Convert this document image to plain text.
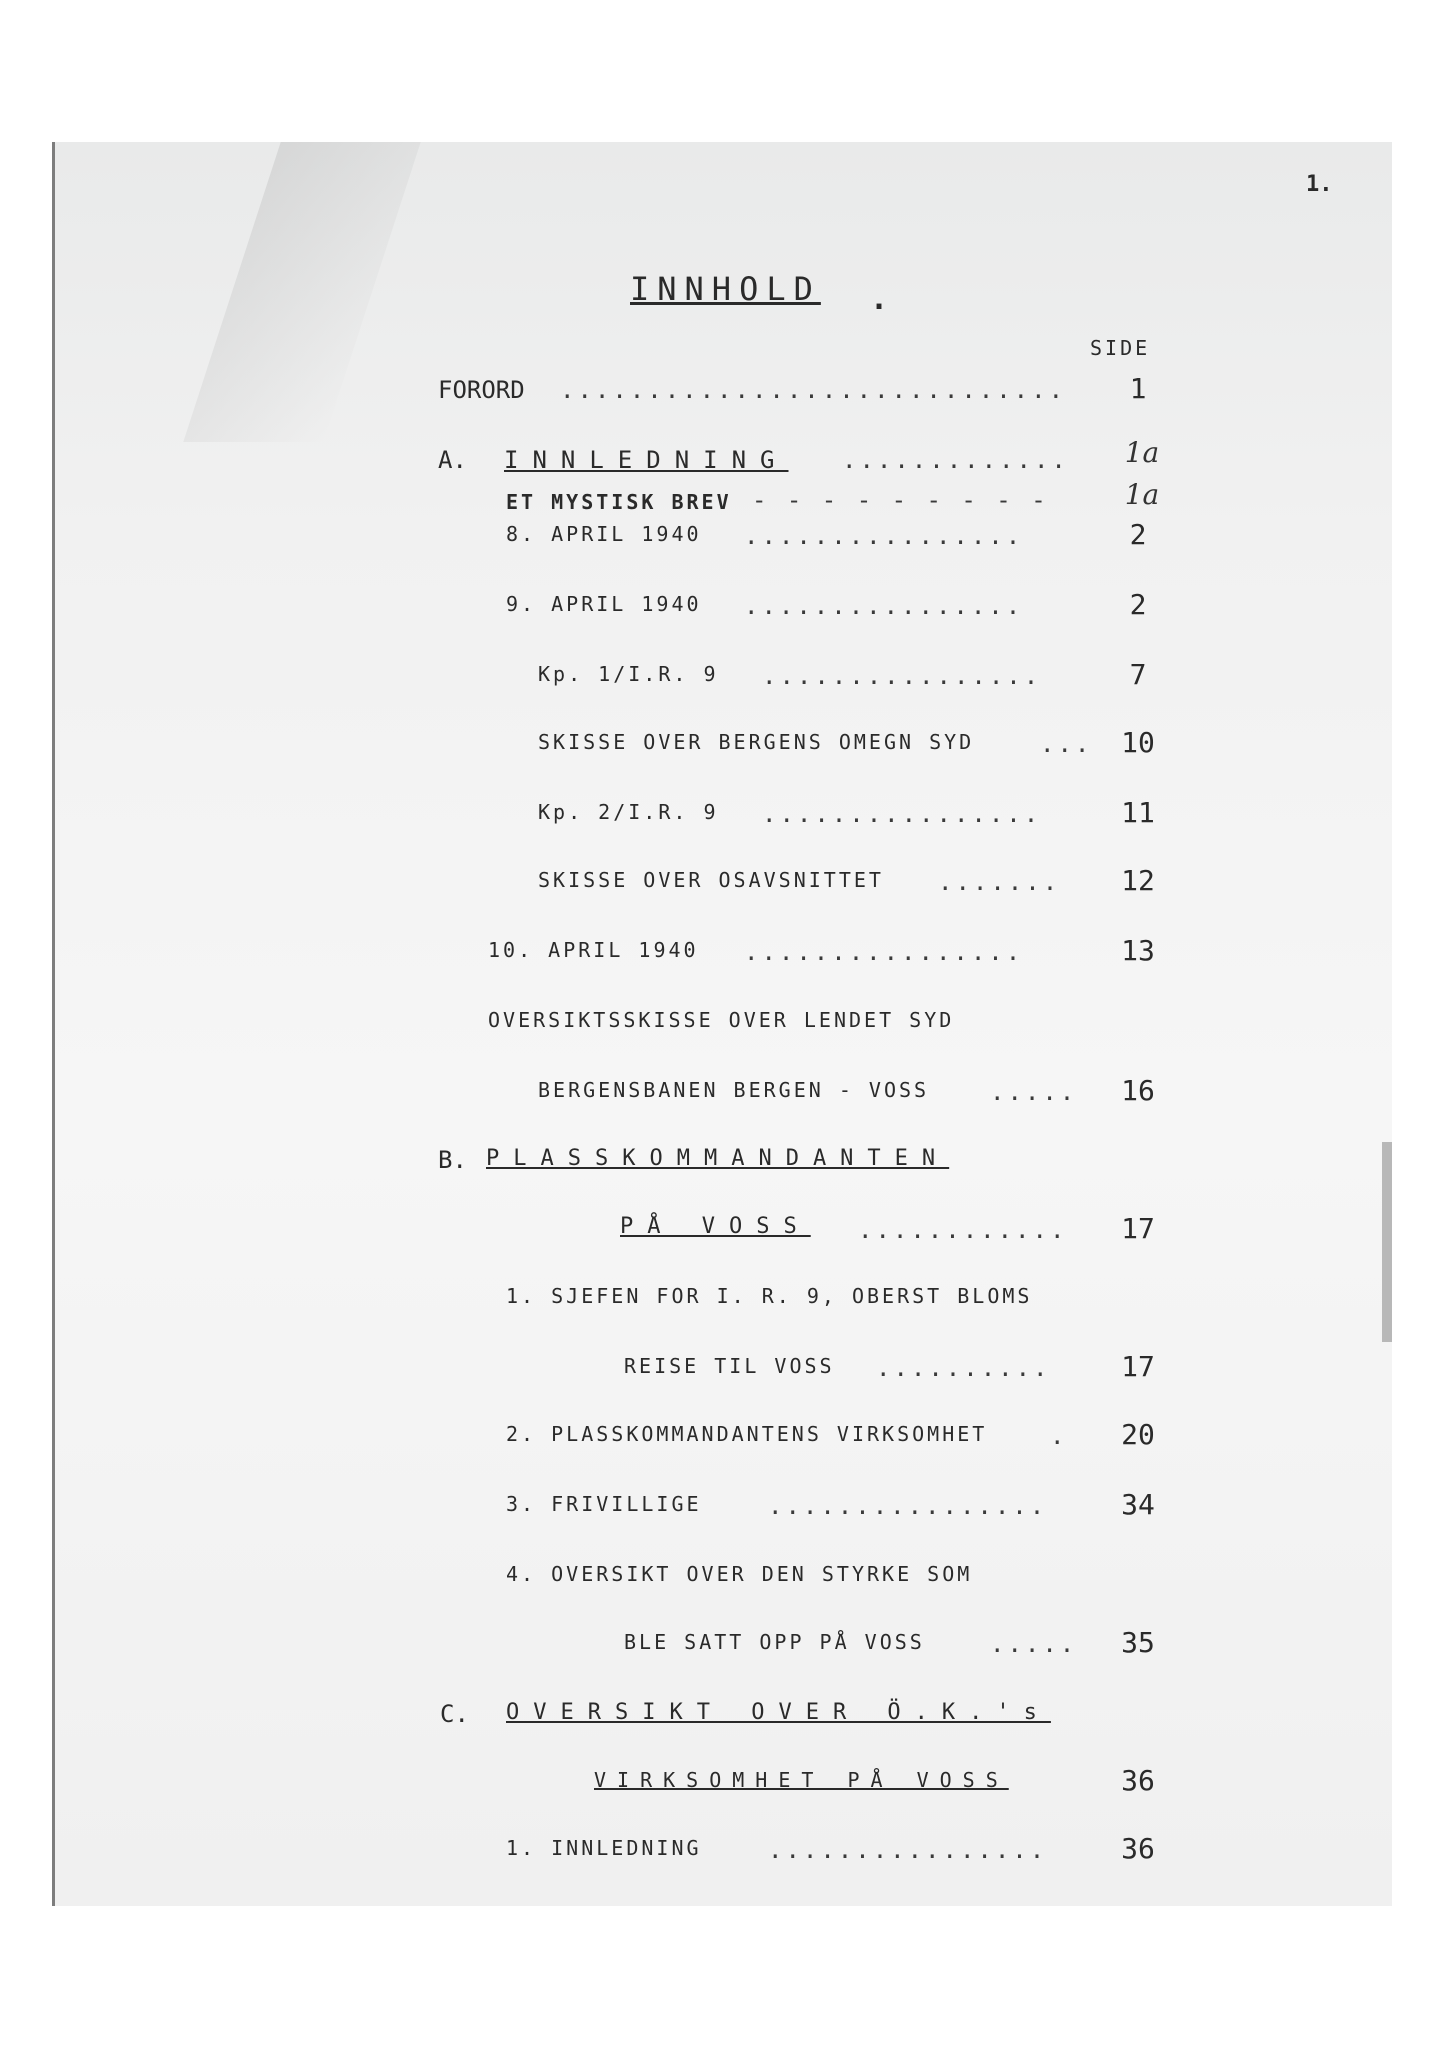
1.
INNHOLD .
SIDE
FORORD .............................	1
A. INNLEDNING .............	1a
ET MYSTISK BREV - - - - - - - - -	1a
8. APRIL 1940 ................	2
9. APRIL 1940 ................	2
Kp. 1/I.R. 9 ................	7
SKISSE OVER BERGENS OMEGN SYD	...	10
Kp. 2/I.R. 9 ................	11
SKISSE OVER OSAVSNITTET .......	12
10. APRIL 1940 ................	13
OVERSIKTSSKISSE OVER LENDET SYD
BERGENSBANEN BERGEN - VOSS	.....	16
B. PLASSKOMMANDANTEN
PÅ VOSS ............	17
1. SJEFEN FOR I. R. 9, OBERST BLOMS
REISE TIL VOSS ..........	17
2. PLASSKOMMANDANTENS VIRKSOMHET	.	20
3. FRIVILLIGE	................	34
4. OVERSIKT OVER DEN STYRKE SOM
BLE SATT OPP PÅ VOSS	.....	35
C. OVERSIKT OVER Ö.K.'s
VIRKSOMHET PÅ VOSS	36
1. INNLEDNING	................	36
